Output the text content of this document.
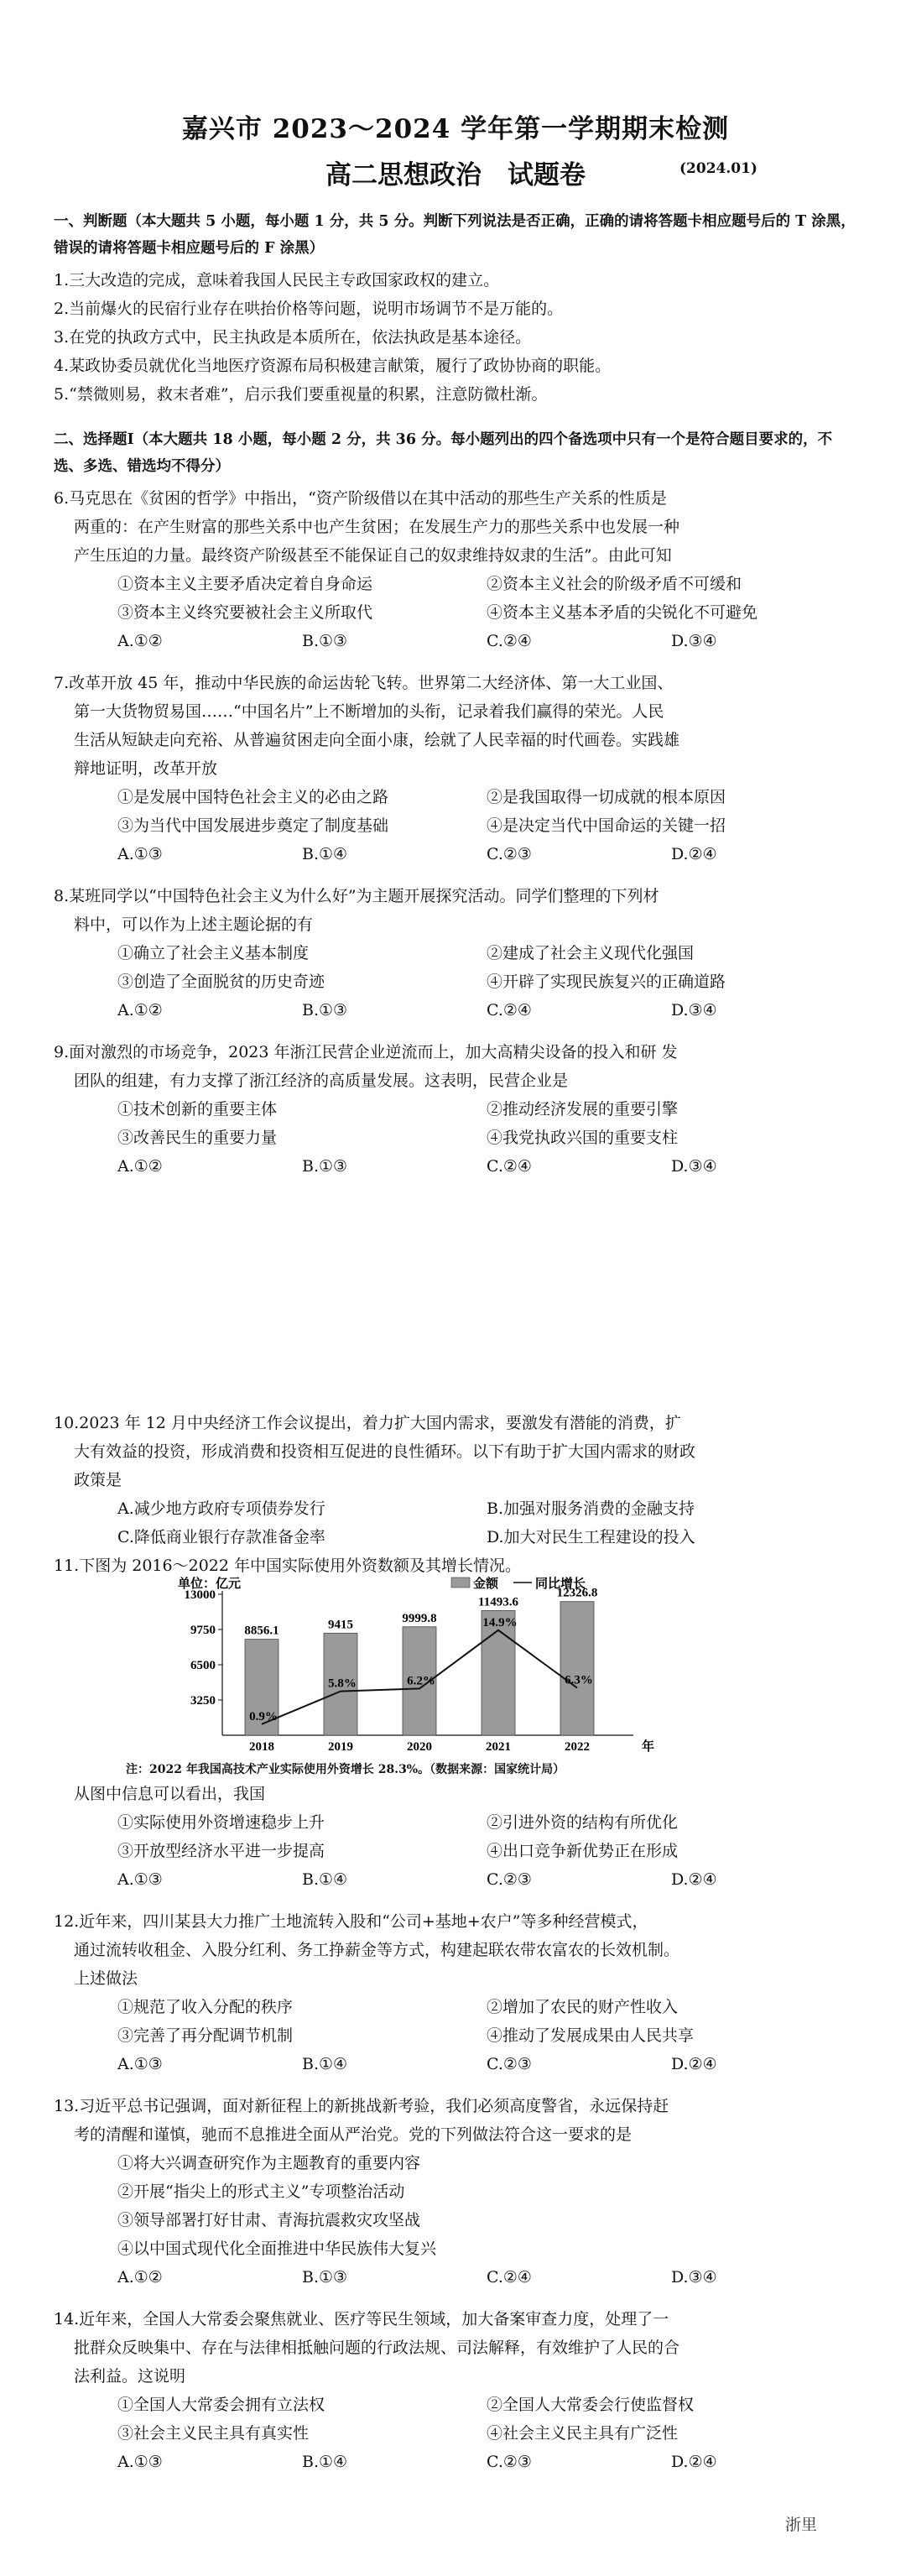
嘉兴市 2023～2024 学年第一学期期末检测
高二思想政治　试题卷	(2024.01)
一、判断题（本大题共 5 小题，每小题 1 分，共 5 分。判断下列说法是否正确，正确的请将答题卡相应题号后的 T 涂黑，错误的请将答题卡相应题号后的 F 涂黑）
1.三大改造的完成，意味着我国人民民主专政国家政权的建立。
2.当前爆火的民宿行业存在哄抬价格等问题，说明市场调节不是万能的。
3.在党的执政方式中，民主执政是本质所在，依法执政是基本途径。
4.某政协委员就优化当地医疗资源布局积极建言献策，履行了政协协商的职能。
5.“禁微则易，救末者难”，启示我们要重视量的积累，注意防微杜渐。
二、选择题Ⅰ（本大题共 18 小题，每小题 2 分，共 36 分。每小题列出的四个备选项中只有一个是符合题目要求的，不选、多选、错选均不得分）
6.马克思在《贫困的哲学》中指出，“资产阶级借以在其中活动的那些生产关系的性质是
两重的：在产生财富的那些关系中也产生贫困；在发展生产力的那些关系中也发展一种
产生压迫的力量。最终资产阶级甚至不能保证自己的奴隶维持奴隶的生活”。由此可知
①资本主义主要矛盾决定着自身命运	②资本主义社会的阶级矛盾不可缓和
③资本主义终究要被社会主义所取代	④资本主义基本矛盾的尖锐化不可避免
A.①②	B.①③	C.②④	D.③④
7.改革开放 45 年，推动中华民族的命运齿轮飞转。世界第二大经济体、第一大工业国、
第一大货物贸易国……“中国名片”上不断增加的头衔，记录着我们赢得的荣光。人民
生活从短缺走向充裕、从普遍贫困走向全面小康，绘就了人民幸福的时代画卷。实践雄
辩地证明，改革开放
①是发展中国特色社会主义的必由之路	②是我国取得一切成就的根本原因
③为当代中国发展进步奠定了制度基础	④是决定当代中国命运的关键一招
A.①③	B.①④	C.②③	D.②④
8.某班同学以“中国特色社会主义为什么好”为主题开展探究活动。同学们整理的下列材
料中，可以作为上述主题论据的有
①确立了社会主义基本制度	②建成了社会主义现代化强国
③创造了全面脱贫的历史奇迹	④开辟了实现民族复兴的正确道路
A.①②	B.①③	C.②④	D.③④
9.面对激烈的市场竞争，2023 年浙江民营企业逆流而上，加大高精尖设备的投入和研 发
团队的组建，有力支撑了浙江经济的高质量发展。这表明，民营企业是
①技术创新的重要主体	②推动经济发展的重要引擎
③改善民生的重要力量	④我党执政兴国的重要支柱
A.①②	B.①③	C.②④	D.③④
10.2023 年 12 月中央经济工作会议提出，着力扩大国内需求，要激发有潜能的消费，扩
大有效益的投资，形成消费和投资相互促进的良性循环。以下有助于扩大国内需求的财政
政策是
A.减少地方政府专项债券发行	B.加强对服务消费的金融支持
C.降低商业银行存款准备金率	D.加大对民生工程建设的投入
11.下图为 2016～2022 年中国实际使用外资数额及其增长情况。
单位：亿元	金额	同比增长
3250
6500
9750
13000
年
8856.1
2018
0.9%
9415
2019
5.8%
9999.8
2020
6.2%
11493.6
2021
14.9%
12326.8
2022
6.3%
注：2022 年我国高技术产业实际使用外资增长 28.3%。（数据来源：国家统计局）
从图中信息可以看出，我国
①实际使用外资增速稳步上升	②引进外资的结构有所优化
③开放型经济水平进一步提高	④出口竞争新优势正在形成
A.①③	B.①④	C.②③	D.②④
12.近年来，四川某县大力推广土地流转入股和“公司+基地+农户”等多种经营模式，
通过流转收租金、入股分红利、务工挣薪金等方式，构建起联农带农富农的长效机制。
上述做法
①规范了收入分配的秩序	②增加了农民的财产性收入
③完善了再分配调节机制	④推动了发展成果由人民共享
A.①③	B.①④	C.②③	D.②④
13.习近平总书记强调，面对新征程上的新挑战新考验，我们必须高度警省，永远保持赶
考的清醒和谨慎，驰而不息推进全面从严治党。党的下列做法符合这一要求的是
①将大兴调查研究作为主题教育的重要内容
②开展“指尖上的形式主义”专项整治活动
③领导部署打好甘肃、青海抗震救灾攻坚战
④以中国式现代化全面推进中华民族伟大复兴
A.①②	B.①③	C.②④	D.③④
14.近年来，全国人大常委会聚焦就业、医疗等民生领域，加大备案审查力度，处理了一
批群众反映集中、存在与法律相抵触问题的行政法规、司法解释，有效维护了人民的合
法利益。这说明
①全国人大常委会拥有立法权	②全国人大常委会行使监督权
③社会主义民主具有真实性	④社会主义民主具有广泛性
A.①③	B.①④	C.②③	D.②④
浙里
